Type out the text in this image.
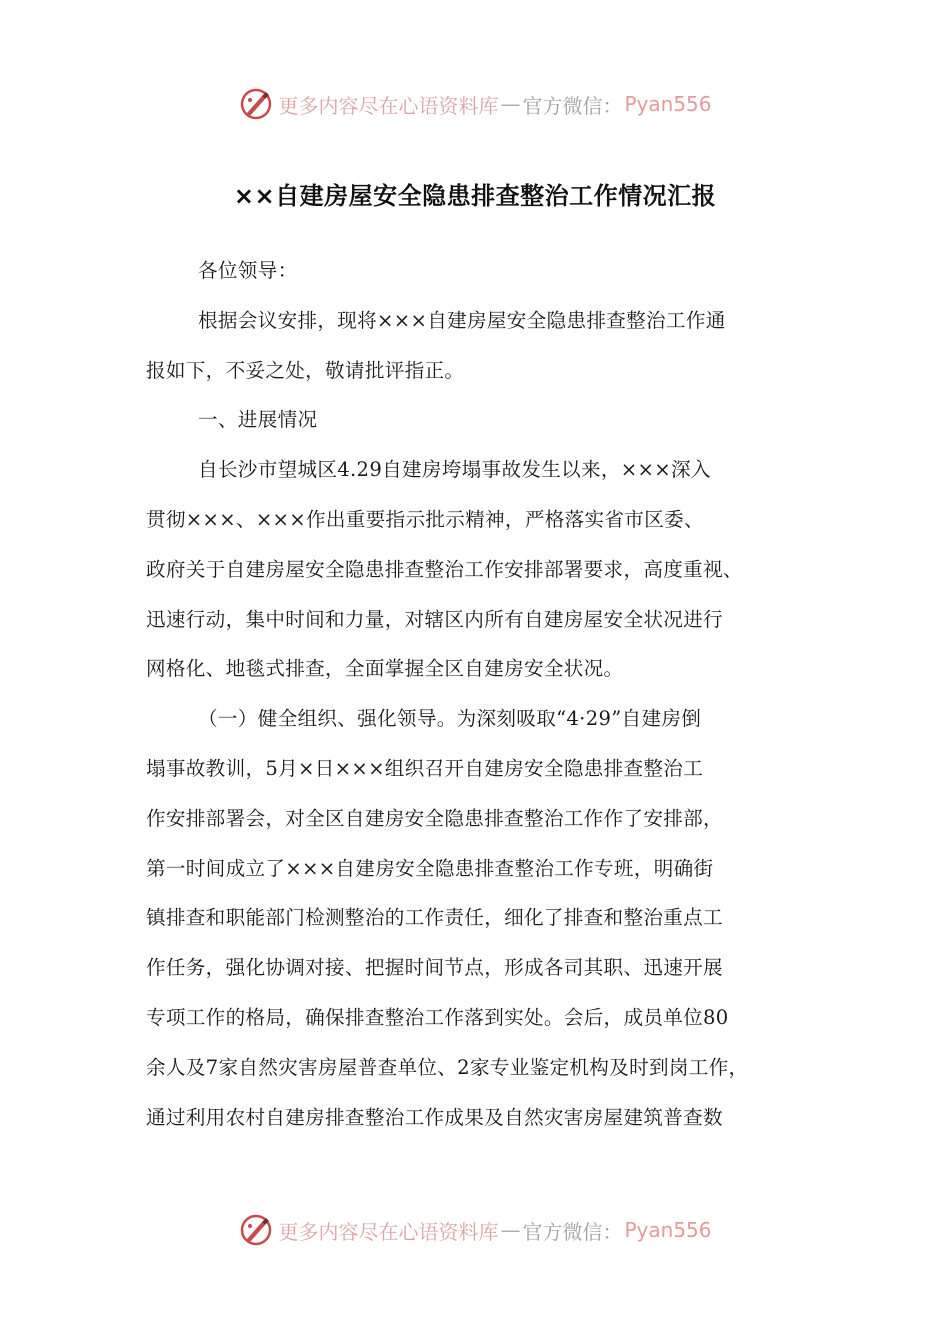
更多内容尽在心语资料库 — 官方微信： Pyan556
××自建房屋安全隐患排查整治工作情况汇报
各位领导：
根据会议安排，现将×××自建房屋安全隐患排查整治工作通
报如下，不妥之处，敬请批评指正。
一、进展情况
自长沙市望城区4.29自建房垮塌事故发生以来，×××深入
贯彻×××、×××作出重要指示批示精神，严格落实省市区委、
政府关于自建房屋安全隐患排查整治工作安排部署要求，高度重视、
迅速行动，集中时间和力量，对辖区内所有自建房屋安全状况进行
网格化、地毯式排查，全面掌握全区自建房安全状况。
（一）健全组织、强化领导。为深刻吸取“4·29”自建房倒
塌事故教训，5月×日×××组织召开自建房安全隐患排查整治工
作安排部署会，对全区自建房安全隐患排查整治工作作了安排部，
第一时间成立了×××自建房安全隐患排查整治工作专班，明确街
镇排查和职能部门检测整治的工作责任，细化了排查和整治重点工
作任务，强化协调对接、把握时间节点，形成各司其职、迅速开展
专项工作的格局，确保排查整治工作落到实处。会后，成员单位80
余人及7家自然灾害房屋普查单位、2家专业鉴定机构及时到岗工作，
通过利用农村自建房排查整治工作成果及自然灾害房屋建筑普查数
更多内容尽在心语资料库 — 官方微信： Pyan556
